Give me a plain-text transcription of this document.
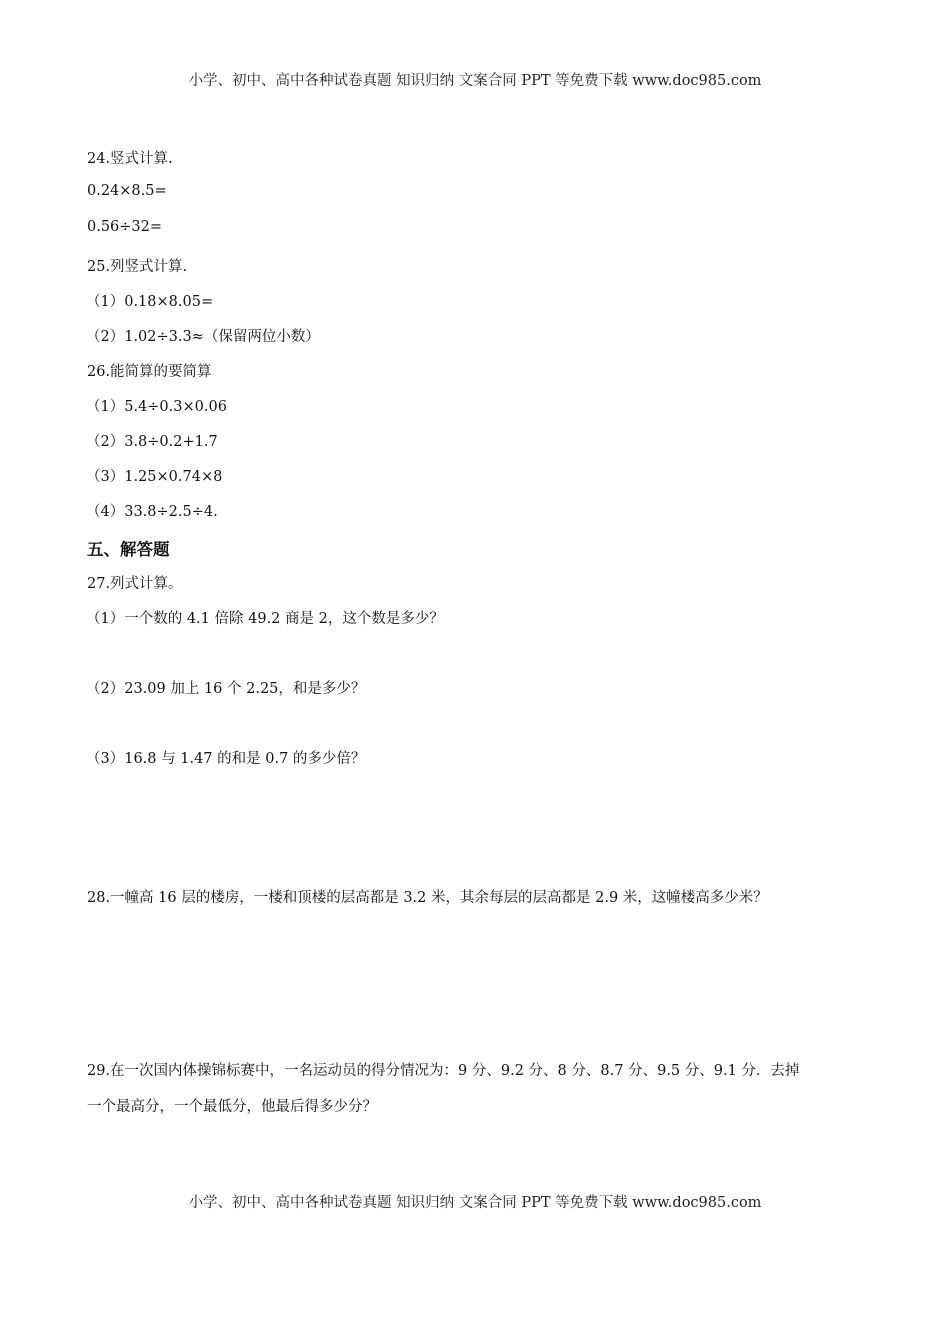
小学、初中、高中各种试卷真题 知识归纳 文案合同 PPT 等免费下载 www.doc985.com
24.竖式计算.
0.24×8.5=
0.56÷32=
25.列竖式计算.
（1）0.18×8.05=
（2）1.02÷3.3≈（保留两位小数）
26.能简算的要简算
（1）5.4÷0.3×0.06
（2）3.8÷0.2+1.7
（3）1.25×0.74×8
（4）33.8÷2.5÷4.
五、解答题
27.列式计算。
（1）一个数的 4.1 倍除 49.2 商是 2，这个数是多少？
（2）23.09 加上 16 个 2.25，和是多少？
（3）16.8 与 1.47 的和是 0.7 的多少倍？
28.一幢高 16 层的楼房，一楼和顶楼的层高都是 3.2 米，其余每层的层高都是 2.9 米，这幢楼高多少米？
29.在一次国内体操锦标赛中，一名运动员的得分情况为：9 分、9.2 分、8 分、8.7 分、9.5 分、9.1 分．去掉
一个最高分，一个最低分，他最后得多少分？
小学、初中、高中各种试卷真题 知识归纳 文案合同 PPT 等免费下载 www.doc985.com
